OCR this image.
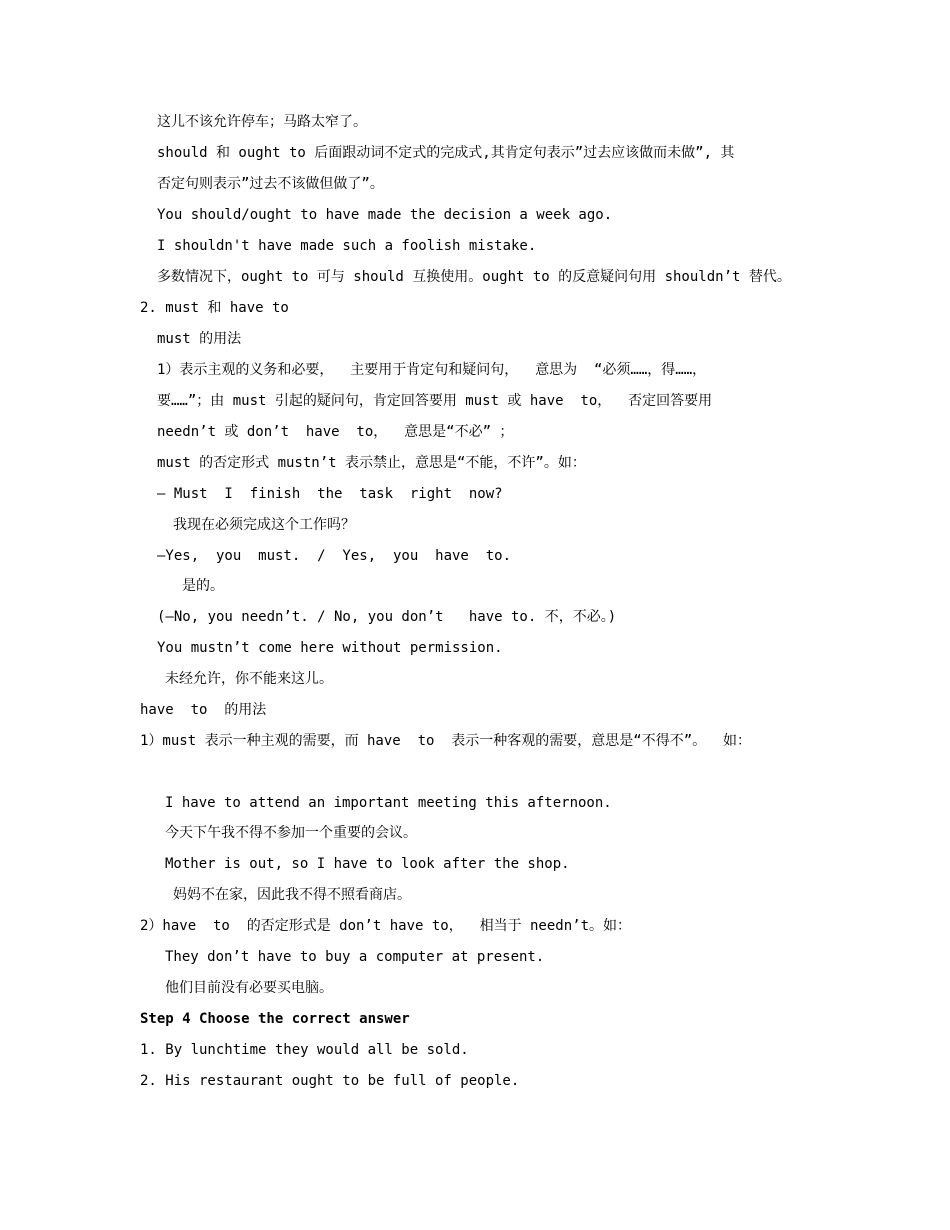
这儿不该允许停车；马路太窄了。
should 和 ought to 后面跟动词不定式的完成式,其肯定句表示”过去应该做而未做”, 其
否定句则表示”过去不该做但做了”。
You should/ought to have made the decision a week ago.
I shouldn't have made such a foolish mistake.
多数情况下，ought to 可与 should 互换使用。ought to 的反意疑问句用 shouldn’t 替代。
2. must 和 have to
must 的用法
1）表示主观的义务和必要，  主要用于肯定句和疑问句，  意思为  “必须……，得……，
要……”；由 must 引起的疑问句，肯定回答要用 must 或 have  to，  否定回答要用
needn’t 或 don’t  have  to，  意思是“不必” ；
must 的否定形式 mustn’t 表示禁止，意思是“不能，不许”。如：
— Must  I  finish  the  task  right  now?
我现在必须完成这个工作吗？
—Yes,  you  must.  /  Yes,  you  have  to.
是的。
(—No, you needn’t. / No, you don’t   have to. 不，不必。)
You mustn’t come here without permission.
未经允许，你不能来这儿。
have  to  的用法
1）must 表示一种主观的需要，而 have  to  表示一种客观的需要，意思是“不得不”。  如：
I have to attend an important meeting this afternoon.
今天下午我不得不参加一个重要的会议。
Mother is out, so I have to look after the shop.
妈妈不在家，因此我不得不照看商店。
2）have  to  的否定形式是 don’t have to，  相当于 needn’t。如：
They don’t have to buy a computer at present.
他们目前没有必要买电脑。
Step 4 Choose the correct answer
1. By lunchtime they would all be sold.
2. His restaurant ought to be full of people.
